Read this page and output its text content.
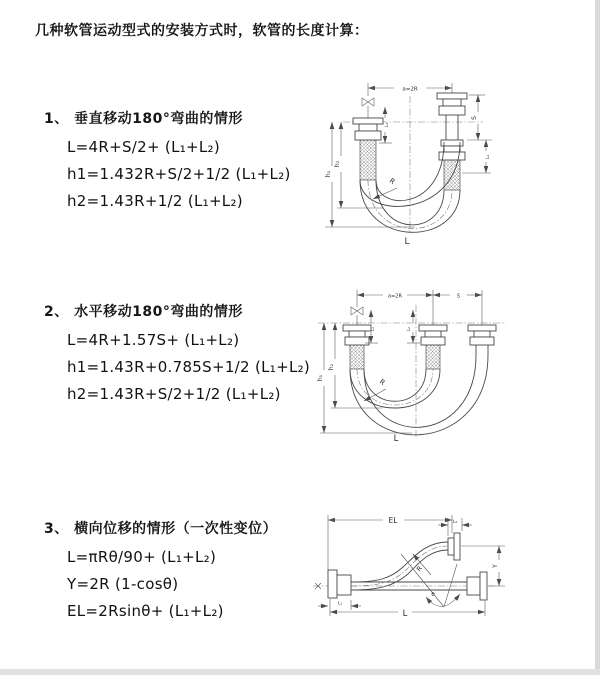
几种软管运动型式的安装方式时，软管的长度计算：
1、 垂直移动180°弯曲的情形
L=4R+S/2+ (L₁+L₂)
h1=1.432R+S/2+1/2 (L₁+L₂)
h2=1.43R+1/2 (L₁+L₂)
2、 水平移动180°弯曲的情形
L=4R+1.57S+ (L₁+L₂)
h1=1.43R+0.785S+1/2 (L₁+L₂)
h2=1.43R+S/2+1/2 (L₁+L₂)
3、 横向位移的情形（一次性变位）
L=πRθ/90+ (L₁+L₂)
Y=2R (1-cosθ)
EL=2Rsinθ+ (L₁+L₂)
a=2R
h₁
h₂
L₁
S
L₂
R
L
a=2R	S
L₁	L₂
h₁
h₂
R
L
EL	L₂
Y
R
θ
L
L₁
